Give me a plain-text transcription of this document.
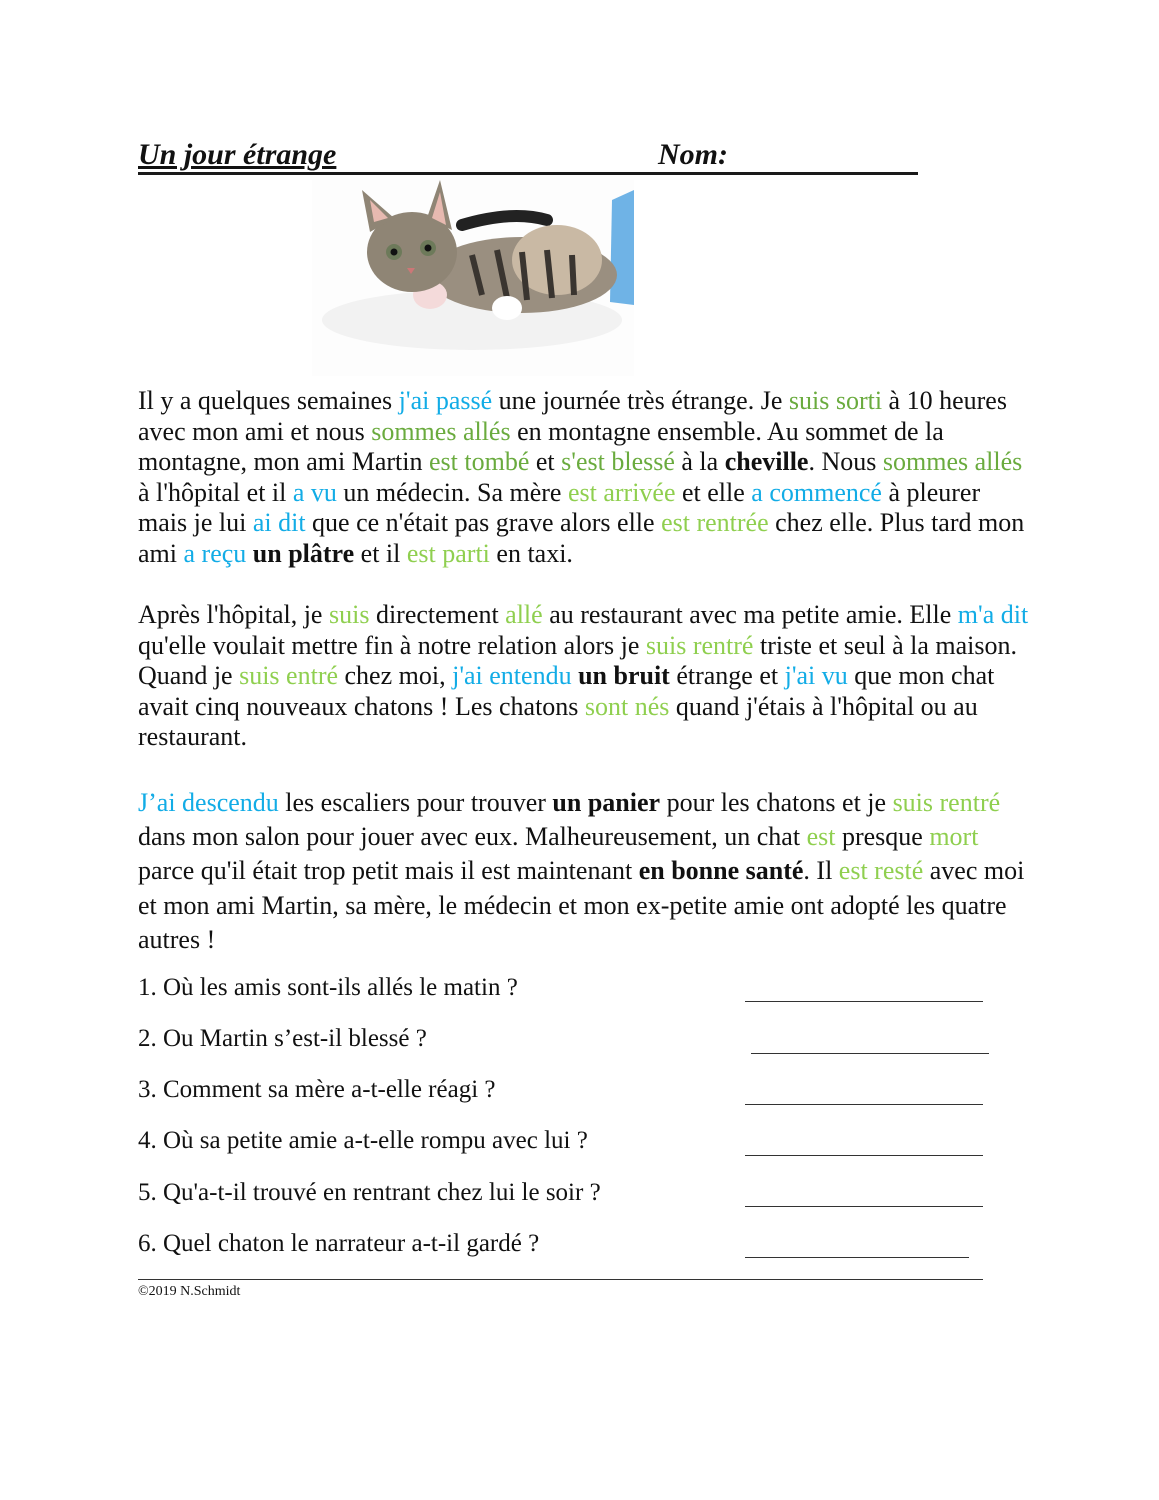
Un jour étrange	Nom:
Il y a quelques semaines j'ai passé une journée très étrange. Je suis sorti à 10 heures avec mon ami et nous sommes allés en montagne ensemble. Au sommet de la montagne, mon ami Martin est tombé et s'est blessé à la cheville. Nous sommes allés à l'hôpital et il a vu un médecin. Sa mère est arrivée et elle a commencé à pleurer mais je lui ai dit que ce n'était pas grave alors elle est rentrée chez elle. Plus tard mon ami a reçu un plâtre et il est parti en taxi.
Après l'hôpital, je suis directement allé au restaurant avec ma petite amie. Elle m'a dit qu'elle voulait mettre fin à notre relation alors je suis rentré triste et seul à la maison. Quand je suis entré chez moi, j'ai entendu un bruit étrange et j'ai vu que mon chat avait cinq nouveaux chatons ! Les chatons sont nés quand j'étais à l'hôpital ou au restaurant.
J’ai descendu les escaliers pour trouver un panier pour les chatons et je suis rentré dans mon salon pour jouer avec eux. Malheureusement, un chat est presque mort parce qu'il était trop petit mais il est maintenant en bonne santé. Il est resté avec moi et mon ami Martin, sa mère, le médecin et mon ex-petite amie ont adopté les quatre autres !
1. Où les amis sont-ils allés le matin ?
2. Ou Martin s’est-il blessé ?
3. Comment sa mère a-t-elle réagi ?
4. Où sa petite amie a-t-elle rompu avec lui ?
5. Qu'a-t-il trouvé en rentrant chez lui le soir ?
6. Quel chaton le narrateur a-t-il gardé ?
©2019 N.Schmidt
